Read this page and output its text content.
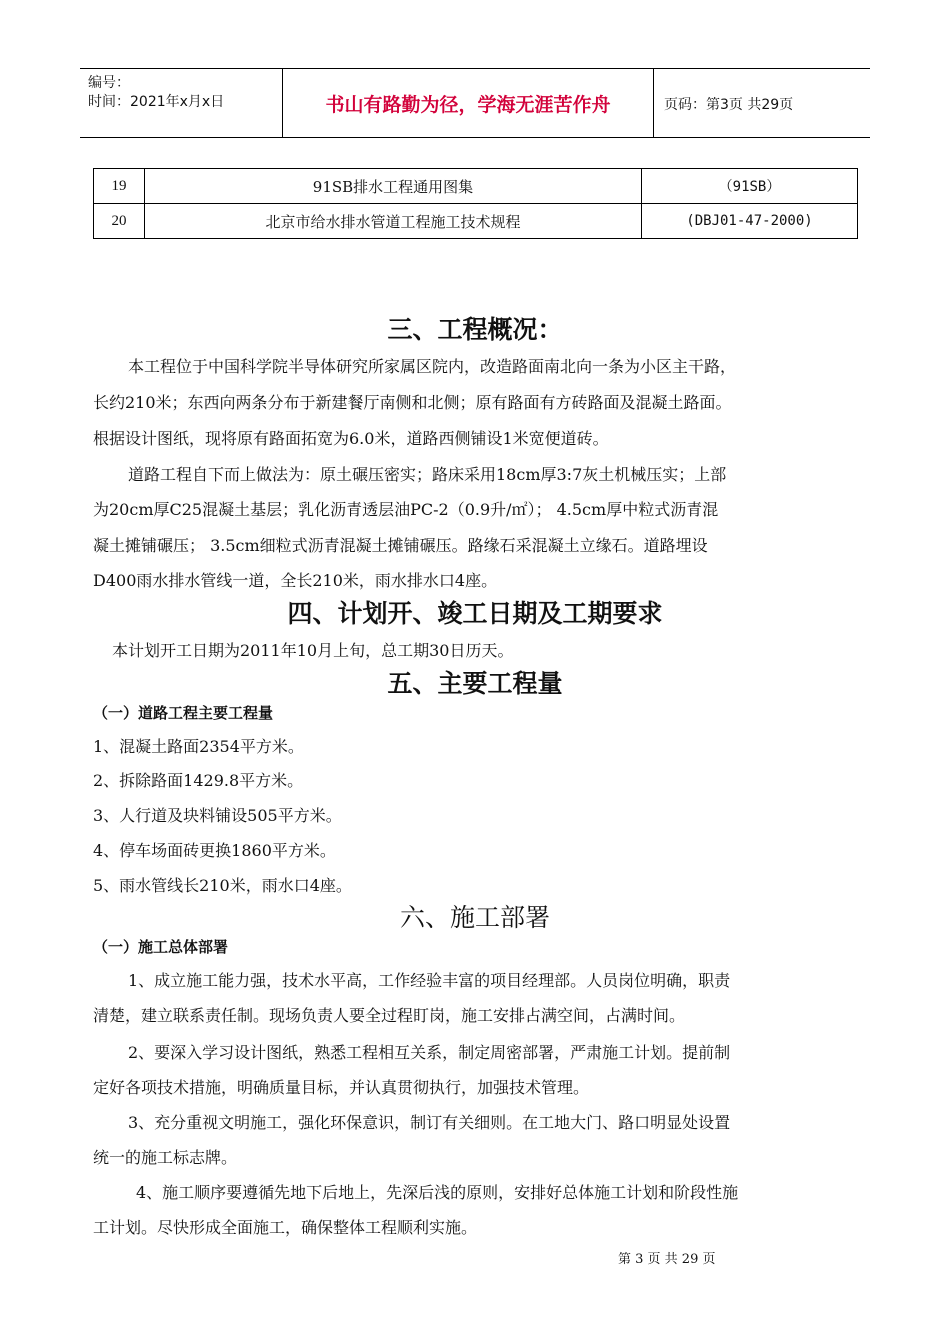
编号：
时间：2021年x月x日	书山有路勤为径，学海无涯苦作舟	页码：第3页 共29页
19	91SB排水工程通用图集	（91SB）
20	北京市给水排水管道工程施工技术规程	(DBJ01-47-2000)
三、工程概况：
本工程位于中国科学院半导体研究所家属区院内，改造路面南北向一条为小区主干路，
长约210米；东西向两条分布于新建餐厅南侧和北侧；原有路面有方砖路面及混凝土路面。
根据设计图纸，现将原有路面拓宽为6.0米，道路西侧铺设1米宽便道砖。
道路工程自下而上做法为：原土碾压密实；路床采用18cm厚3:7灰土机械压实；上部
为20cm厚C25混凝土基层；乳化沥青透层油PC-2（0.9升/㎡）； 4.5cm厚中粒式沥青混
凝土摊铺碾压； 3.5cm细粒式沥青混凝土摊铺碾压。路缘石采混凝土立缘石。道路埋设
D400雨水排水管线一道，全长210米，雨水排水口4座。
四、计划开、竣工日期及工期要求
本计划开工日期为2011年10月上旬，总工期30日历天。
五、主要工程量
（一）道路工程主要工程量
1、混凝土路面2354平方米。
2、拆除路面1429.8平方米。
3、人行道及块料铺设505平方米。
4、停车场面砖更换1860平方米。
5、雨水管线长210米，雨水口4座。
六、施工部署
（一）施工总体部署
1、成立施工能力强，技术水平高，工作经验丰富的项目经理部。人员岗位明确，职责
清楚，建立联系责任制。现场负责人要全过程盯岗，施工安排占满空间，占满时间。
2、要深入学习设计图纸，熟悉工程相互关系，制定周密部署，严肃施工计划。提前制
定好各项技术措施，明确质量目标，并认真贯彻执行，加强技术管理。
3、充分重视文明施工，强化环保意识，制订有关细则。在工地大门、路口明显处设置
统一的施工标志牌。
4、施工顺序要遵循先地下后地上，先深后浅的原则，安排好总体施工计划和阶段性施
工计划。尽快形成全面施工，确保整体工程顺利实施。
第 3 页 共 29 页
